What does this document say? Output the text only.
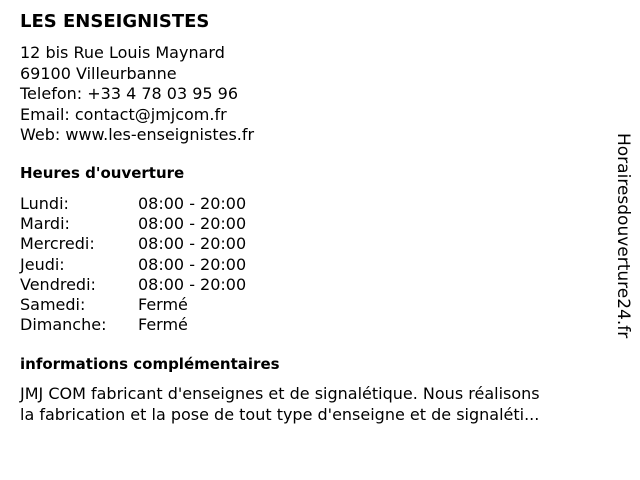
LES ENSEIGNISTES
12 bis Rue Louis Maynard
69100 Villeurbanne
Telefon: +33 4 78 03 95 96
Email: contact@jmjcom.fr
Web: www.les-enseignistes.fr
Heures d'ouverture
Lundi:	08:00 - 20:00
Mardi:	08:00 - 20:00
Mercredi:	08:00 - 20:00
Jeudi:	08:00 - 20:00
Vendredi:	08:00 - 20:00
Samedi:	Fermé
Dimanche:	Fermé
informations complémentaires
JMJ COM fabricant d'enseignes et de signalétique. Nous réalisons
la fabrication et la pose de tout type d'enseigne et de signaléti...
Horairesdouverture24.fr
